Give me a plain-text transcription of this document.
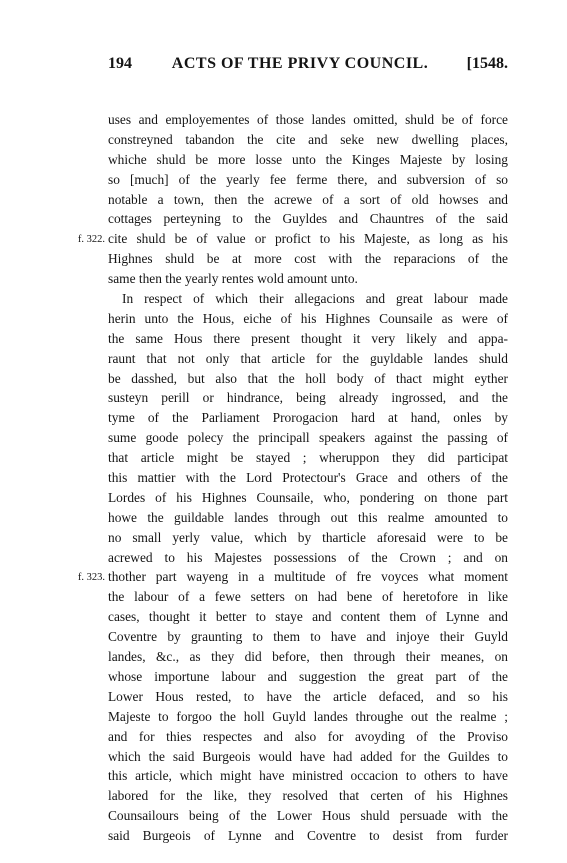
194	ACTS OF THE PRIVY COUNCIL.	[1548.
uses and employementes of those landes omitted, shuld be of force
constreyned tabandon the cite and seke new dwelling places,
whiche shuld be more losse unto the Kinges Majeste by losing
so [much] of the yearly fee ferme there, and subversion of so
notable a town, then the acrewe of a sort of old howses and
cottages perteyning to the Guyldes and Chauntres of the said
f. 322. cite shuld be of value or profict to his Majeste, as long as his
Highnes shuld be at more cost with the reparacions of the
same then the yearly rentes wold amount unto.
In respect of which their allegacions and great labour made
herin unto the Hous, eiche of his Highnes Counsaile as were of
the same Hous there present thought it very likely and appa-
raunt that not only that article for the guyldable landes shuld
be dasshed, but also that the holl body of thact might eyther
susteyn perill or hindrance, being already ingrossed, and the
tyme of the Parliament Prorogacion hard at hand, onles by
sume goode polecy the principall speakers against the passing of
that article might be stayed ; wheruppon they did participat
this mattier with the Lord Protectour's Grace and others of the
Lordes of his Highnes Counsaile, who, pondering on thone part
howe the guildable landes through out this realme amounted to
no small yerly value, which by tharticle aforesaid were to be
acrewed to his Majestes possessions of the Crown ; and on
f. 323. thother part wayeng in a multitude of fre voyces what moment
the labour of a fewe setters on had bene of heretofore in like
cases, thought it better to staye and content them of Lynne and
Coventre by graunting to them to have and injoye their Guyld
landes, &c., as they did before, then through their meanes, on
whose importune labour and suggestion the great part of the
Lower Hous rested, to have the article defaced, and so his
Majeste to forgoo the holl Guyld landes throughe out the realme ;
and for thies respectes and also for avoyding of the Proviso
which the said Burgeois would have had added for the Guildes to
this article, which might have ministred occacion to others to have
labored for the like, they resolved that certen of his Highnes
Counsailours being of the Lower Hous shuld persuade with the
said Burgeois of Lynne and Coventre to desist from furder
